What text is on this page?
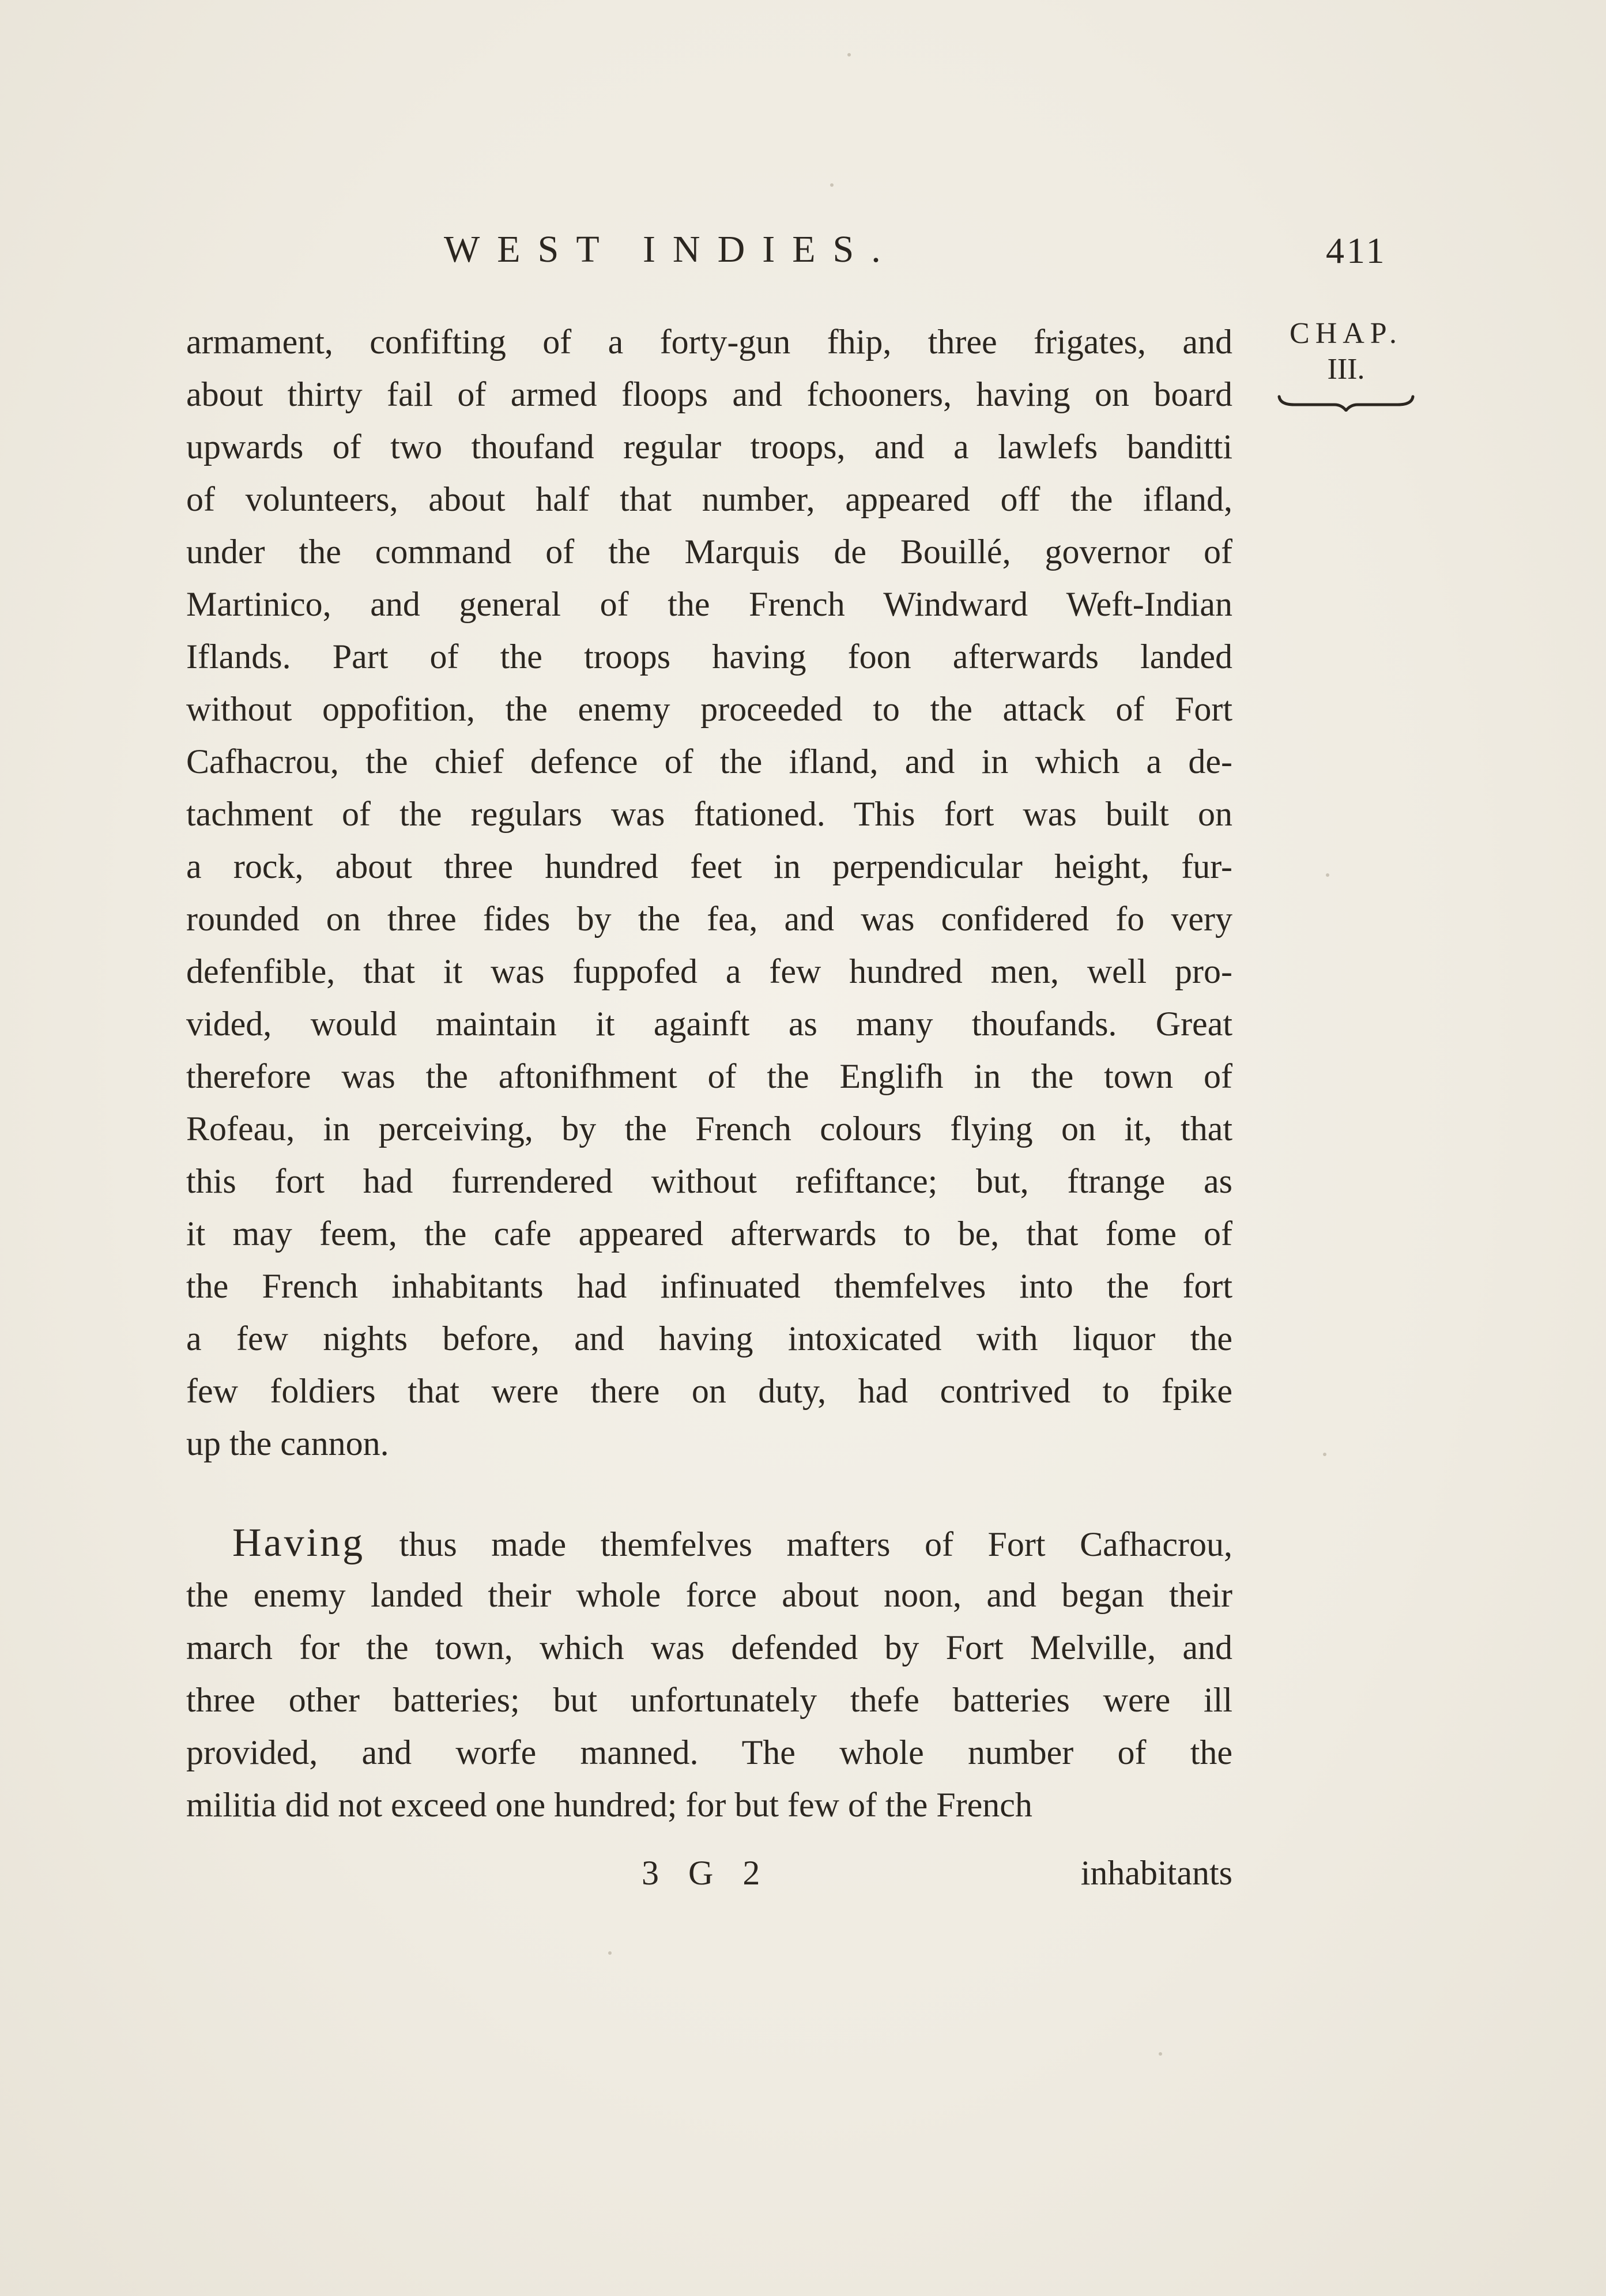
WEST INDIES.	411
CHAP.
III.
armament, confifting of a forty-gun fhip, three frigates, and
about thirty fail of armed floops and fchooners, having on board
upwards of two thoufand regular troops, and a lawlefs banditti
of volunteers, about half that number, appeared off the ifland,
under the command of the Marquis de Bouillé, governor of
Martinico, and general of the French Windward Weft-Indian
Iflands. Part of the troops having foon afterwards landed
without oppofition, the enemy proceeded to the attack of Fort
Cafhacrou, the chief defence of the ifland, and in which a de-
tachment of the regulars was ftationed. This fort was built on
a rock, about three hundred feet in perpendicular height, fur-
rounded on three fides by the fea, and was confidered fo very
defenfible, that it was fuppofed a few hundred men, well pro-
vided, would maintain it againft as many thoufands. Great
therefore was the aftonifhment of the Englifh in the town of
Rofeau, in perceiving, by the French colours flying on it, that
this fort had furrendered without refiftance; but, ftrange as
it may feem, the cafe appeared afterwards to be, that fome of
the French inhabitants had infinuated themfelves into the fort
a few nights before, and having intoxicated with liquor the
few foldiers that were there on duty, had contrived to fpike
up the cannon.
Having thus made themfelves mafters of Fort Cafhacrou,
the enemy landed their whole force about noon, and began their
march for the town, which was defended by Fort Melville, and
three other batteries; but unfortunately thefe batteries were ill
provided, and worfe manned. The whole number of the
militia did not exceed one hundred; for but few of the French
3 G 2	inhabitants
